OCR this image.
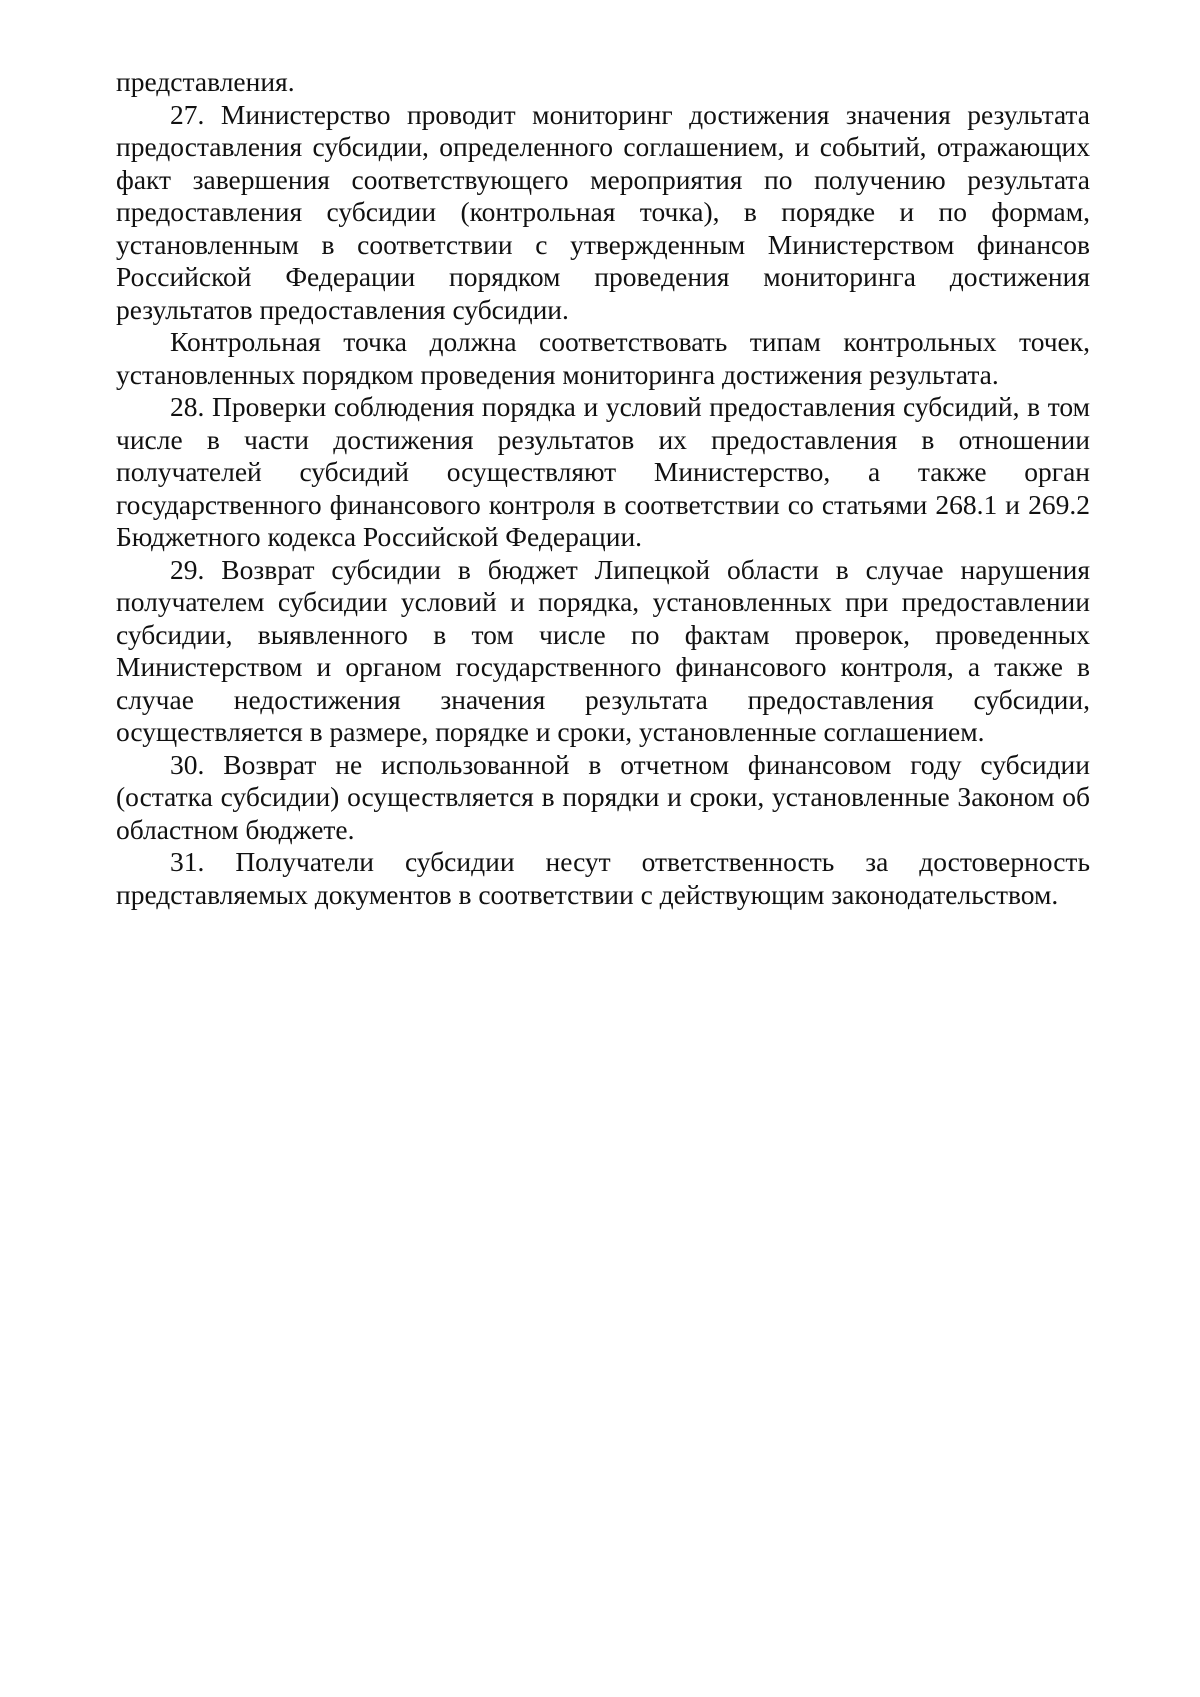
представления.

27. Министерство проводит мониторинг достижения значения результата предоставления субсидии, определенного соглашением, и событий, отражающих факт завершения соответствующего мероприятия по получению результата предоставления субсидии (контрольная точка), в порядке и по формам, установленным в соответствии с утвержденным Министерством финансов Российской Федерации порядком проведения мониторинга достижения результатов предоставления субсидии.

Контрольная точка должна соответствовать типам контрольных точек, установленных порядком проведения мониторинга достижения результата.

28. Проверки соблюдения порядка и условий предоставления субсидий, в том числе в части достижения результатов их предоставления в отношении получателей субсидий осуществляют Министерство, а также орган государственного финансового контроля в соответствии со статьями 268.1 и 269.2 Бюджетного кодекса Российской Федерации.

29. Возврат субсидии в бюджет Липецкой области в случае нарушения получателем субсидии условий и порядка, установленных при предоставлении субсидии, выявленного в том числе по фактам проверок, проведенных Министерством и органом государственного финансового контроля, а также в случае недостижения значения результата предоставления субсидии, осуществляется в размере, порядке и сроки, установленные соглашением.

30. Возврат не использованной в отчетном финансовом году субсидии (остатка субсидии) осуществляется в порядки и сроки, установленные Законом об областном бюджете.

31. Получатели субсидии несут ответственность за достоверность представляемых документов в соответствии с действующим законодательством.
